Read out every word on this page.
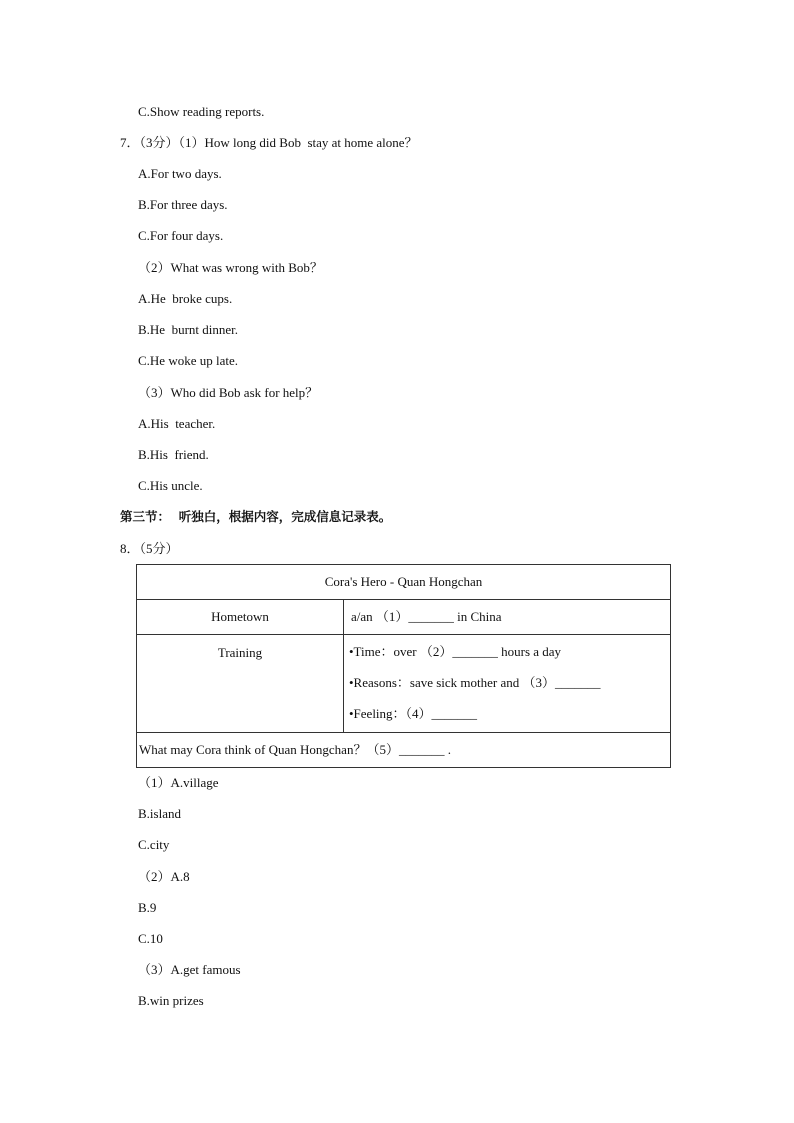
C.Show reading reports.
7．（3分）（1）How long did Bob  stay at home alone？
A.For two days.
B.For three days.
C.For four days.
（2）What was wrong with Bob？
A.He  broke cups.
B.He  burnt dinner.
C.He woke up late.
（3）Who did Bob ask for help？
A.His  teacher.
B.His  friend.
C.His uncle.
第三节：  听独白，根据内容，完成信息记录表。
8．（5分）
Cora's Hero - Quan Hongchan	
Hometown	a/an （1）_______ in China
Training	•Time：over （2）_______ hours a day
•Reasons：save sick mother and （3）_______
•Feeling：（4）_______

What may Cora think of Quan Hongchan？（5）_______ .	
（1）A.village
B.island
C.city
（2）A.8
B.9
C.10
（3）A.get famous
B.win prizes
